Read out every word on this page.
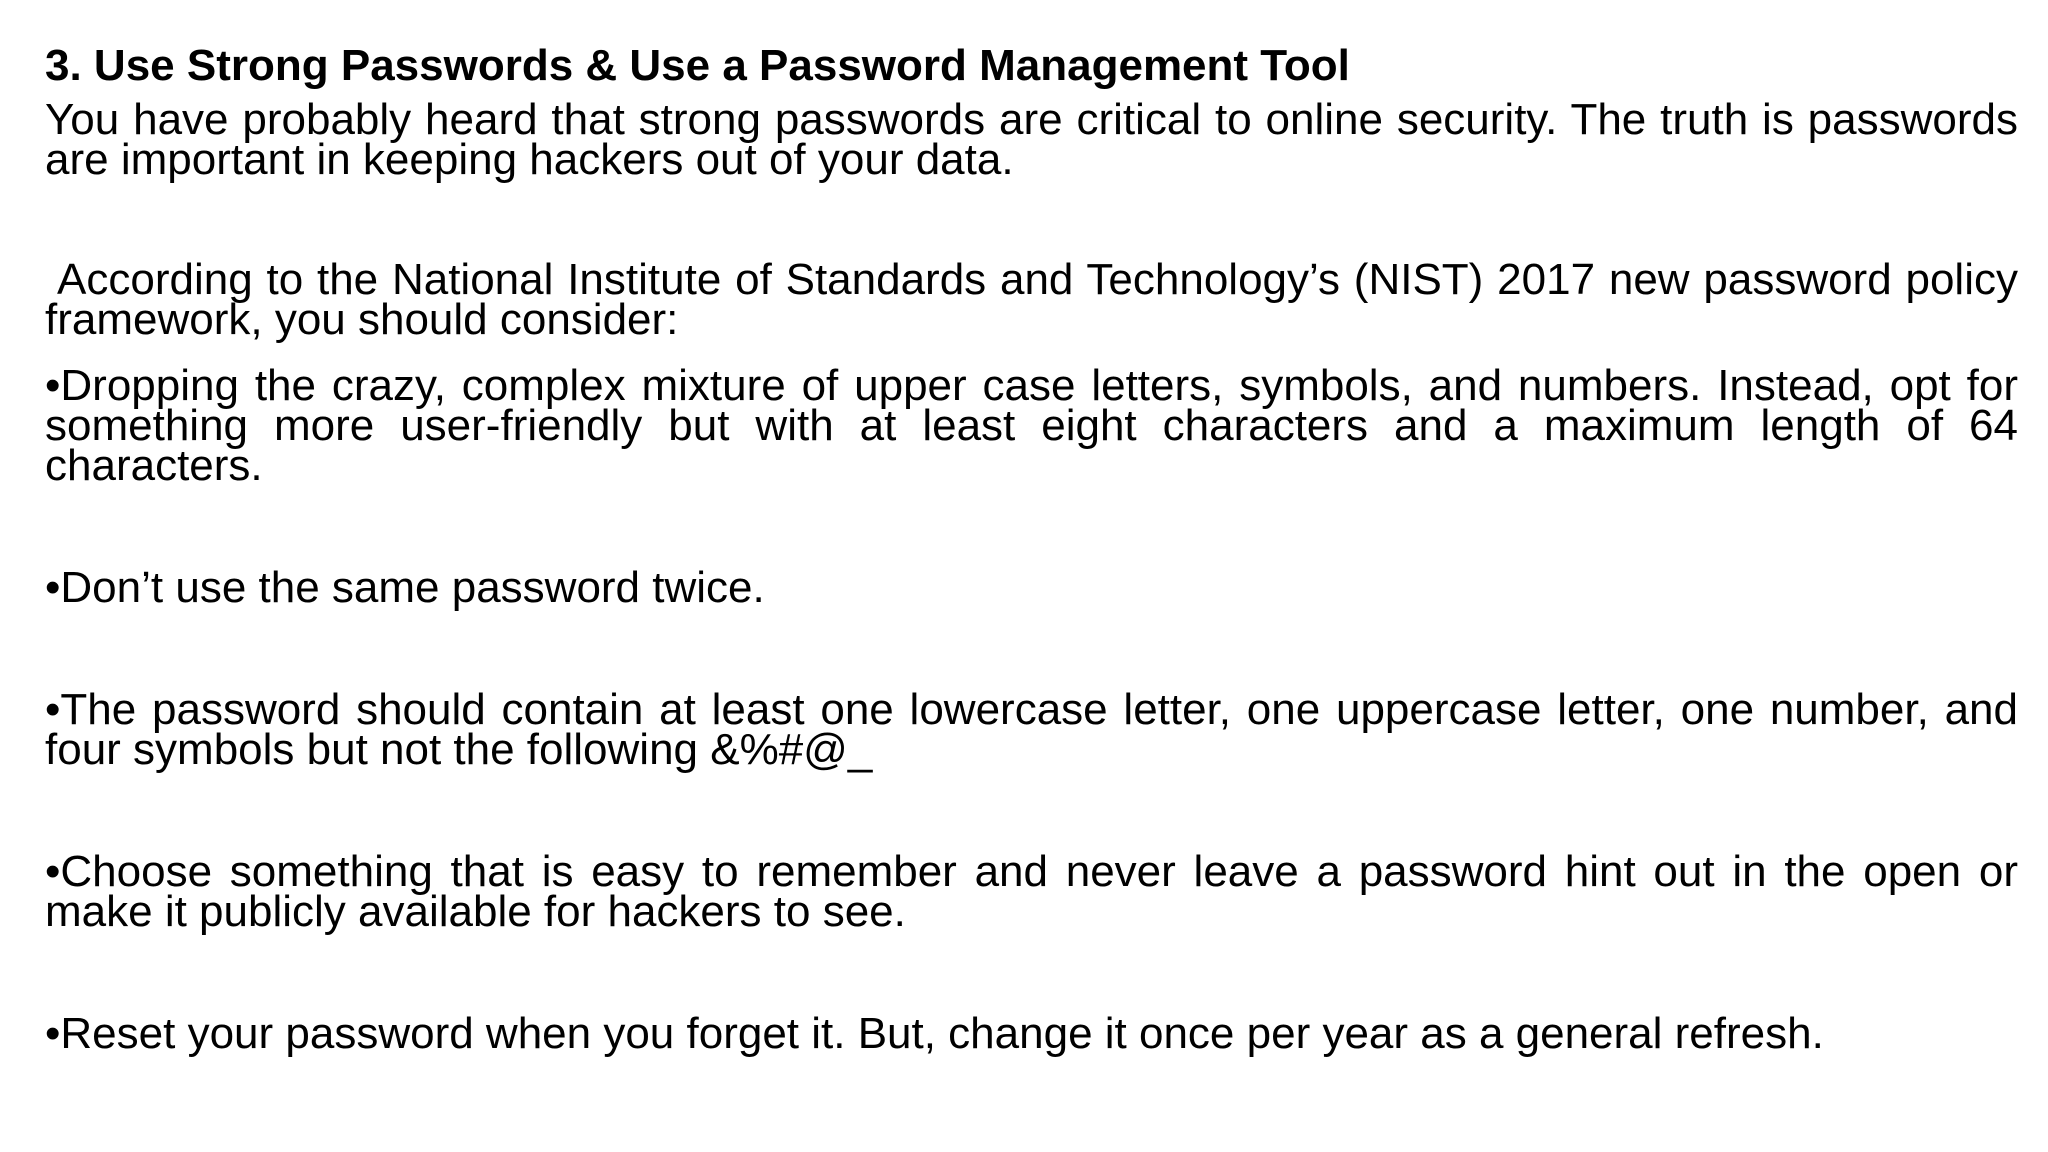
3. Use Strong Passwords & Use a Password Management Tool

You have probably heard that strong passwords are critical to online security. The truth is passwords are important in keeping hackers out of your data.

According to the National Institute of Standards and Technology’s (NIST) 2017 new password policy framework, you should consider:

•Dropping the crazy, complex mixture of upper case letters, symbols, and numbers. Instead, opt for something more user-friendly but with at least eight characters and a maximum length of 64 characters.

•Don’t use the same password twice.

•The password should contain at least one lowercase letter, one uppercase letter, one number, and four symbols but not the following &%#@_

•Choose something that is easy to remember and never leave a password hint out in the open or make it publicly available for hackers to see.

•Reset your password when you forget it. But, change it once per year as a general refresh.
